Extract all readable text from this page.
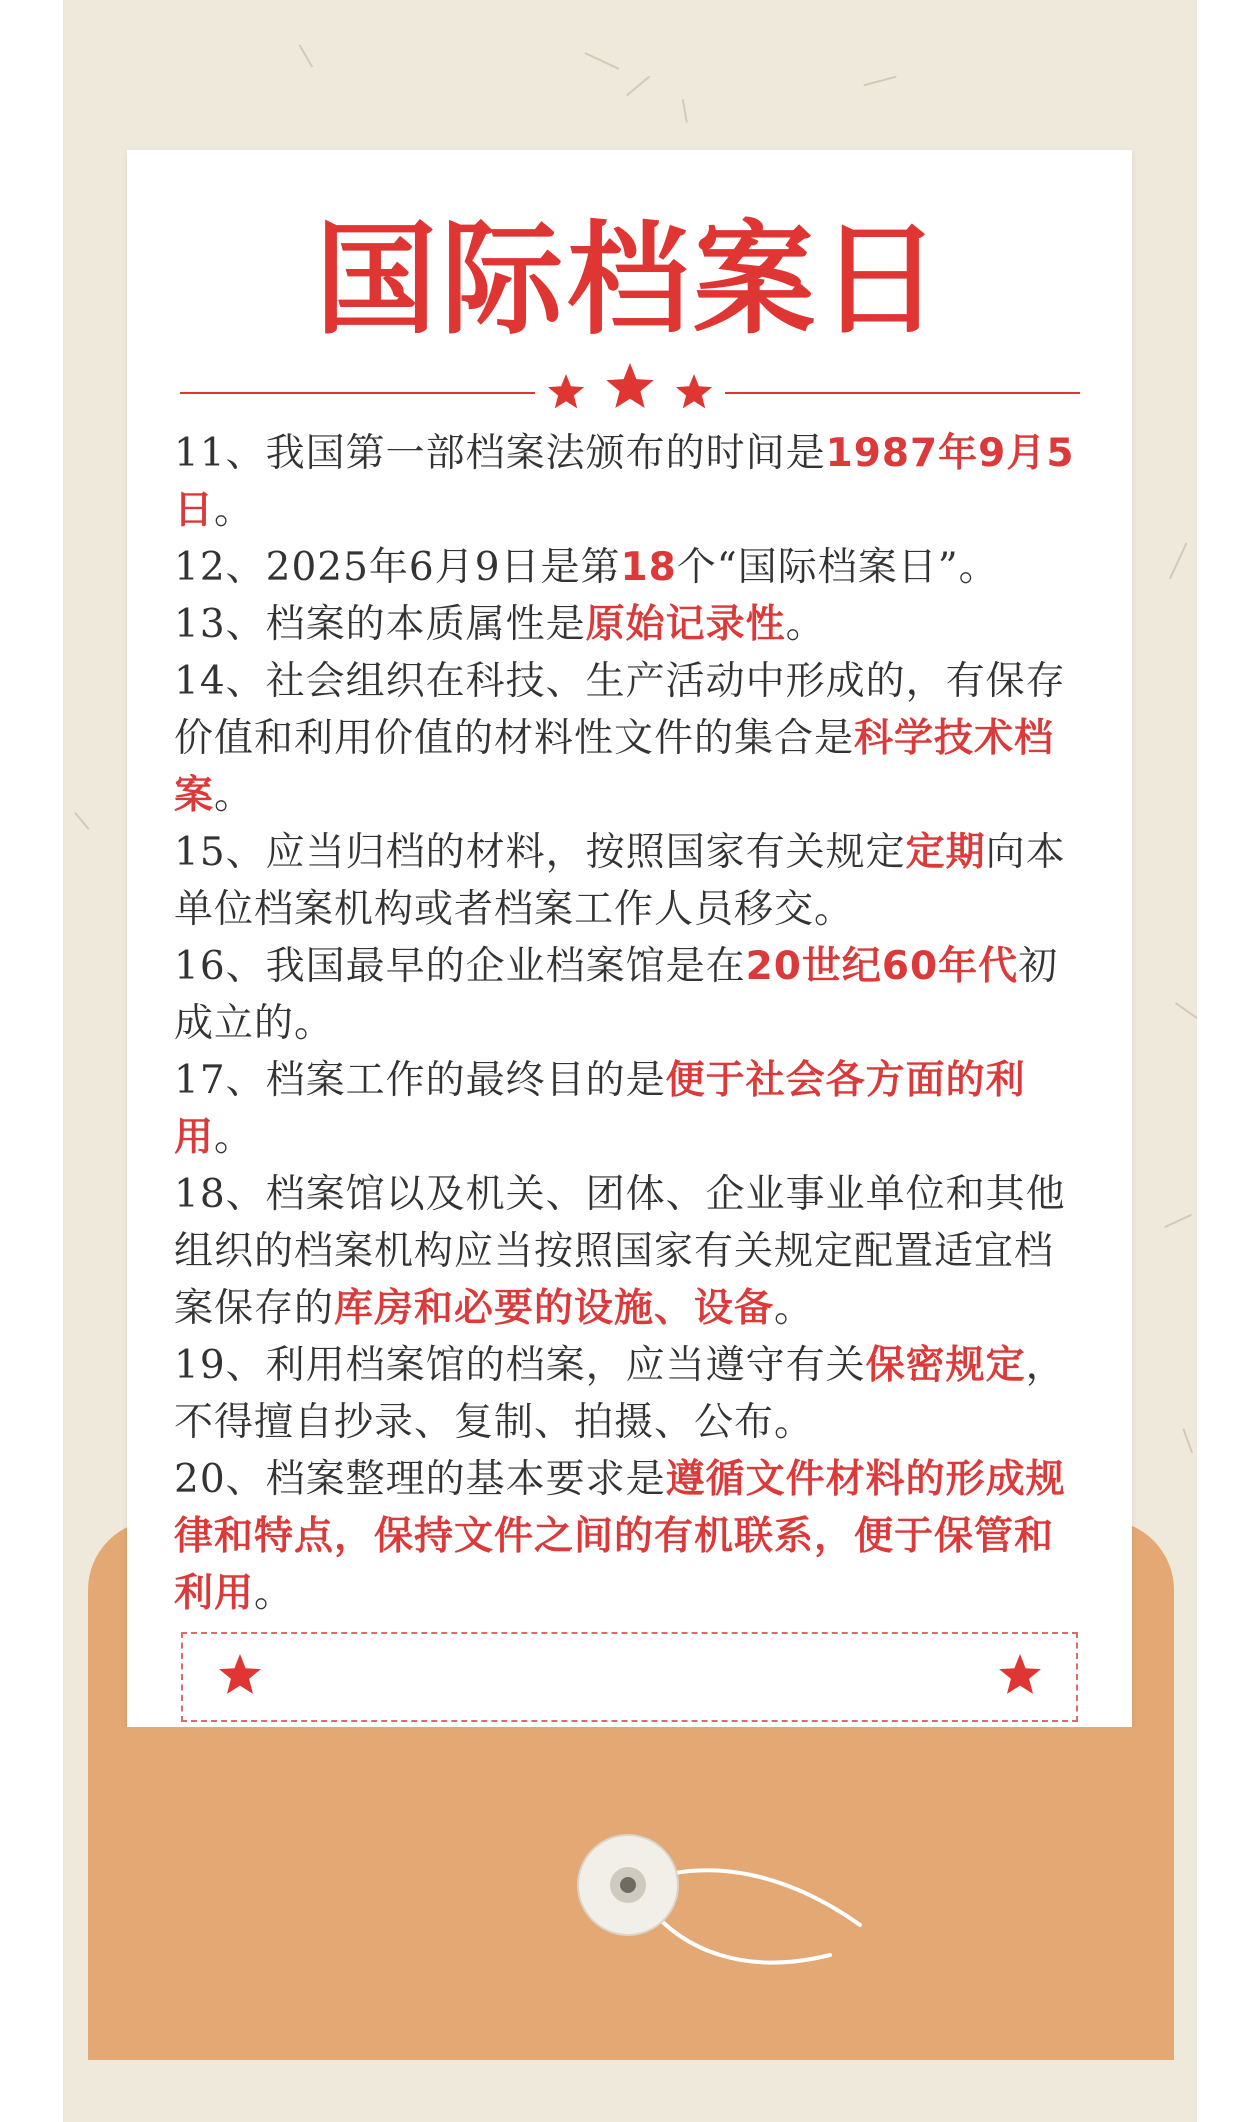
国际档案日

11、我国第一部档案法颁布的时间是1987年9月5日。

12、2025年6月9日是第18个“国际档案日”。

13、档案的本质属性是原始记录性。

14、社会组织在科技、生产活动中形成的，有保存价值和利用价值的材料性文件的集合是科学技术档案。

15、应当归档的材料，按照国家有关规定定期向本单位档案机构或者档案工作人员移交。

16、我国最早的企业档案馆是在20世纪60年代初成立的。

17、档案工作的最终目的是便于社会各方面的利用。

18、档案馆以及机关、团体、企业事业单位和其他组织的档案机构应当按照国家有关规定配置适宜档案保存的库房和必要的设施、设备。

19、利用档案馆的档案，应当遵守有关保密规定，不得擅自抄录、复制、拍摄、公布。

20、档案整理的基本要求是遵循文件材料的形成规律和特点，保持文件之间的有机联系，便于保管和利用。
